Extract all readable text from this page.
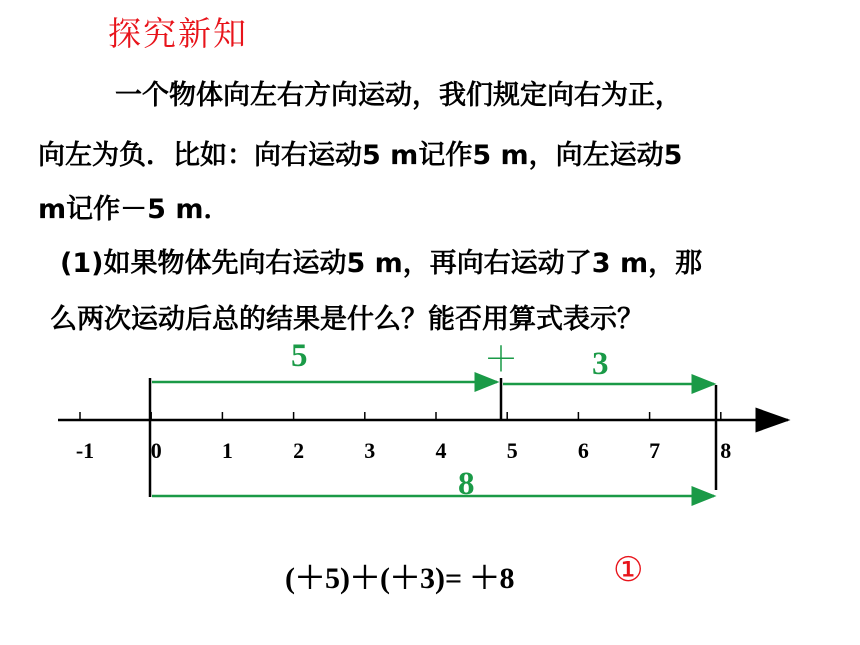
探究新知
一个物体向左右方向运动，我们规定向右为正，
向左为负．比如：向右运动5 m记作5 m，向左运动5
m记作－5 m．
(1)如果物体先向右运动5 m，再向右运动了3 m，那
么两次运动后总的结果是什么？能否用算式表示？
-1	0	1	2	3	4	5	6	7	8
5	＋ 3
8
(＋5)＋(＋3)= ＋8	①
